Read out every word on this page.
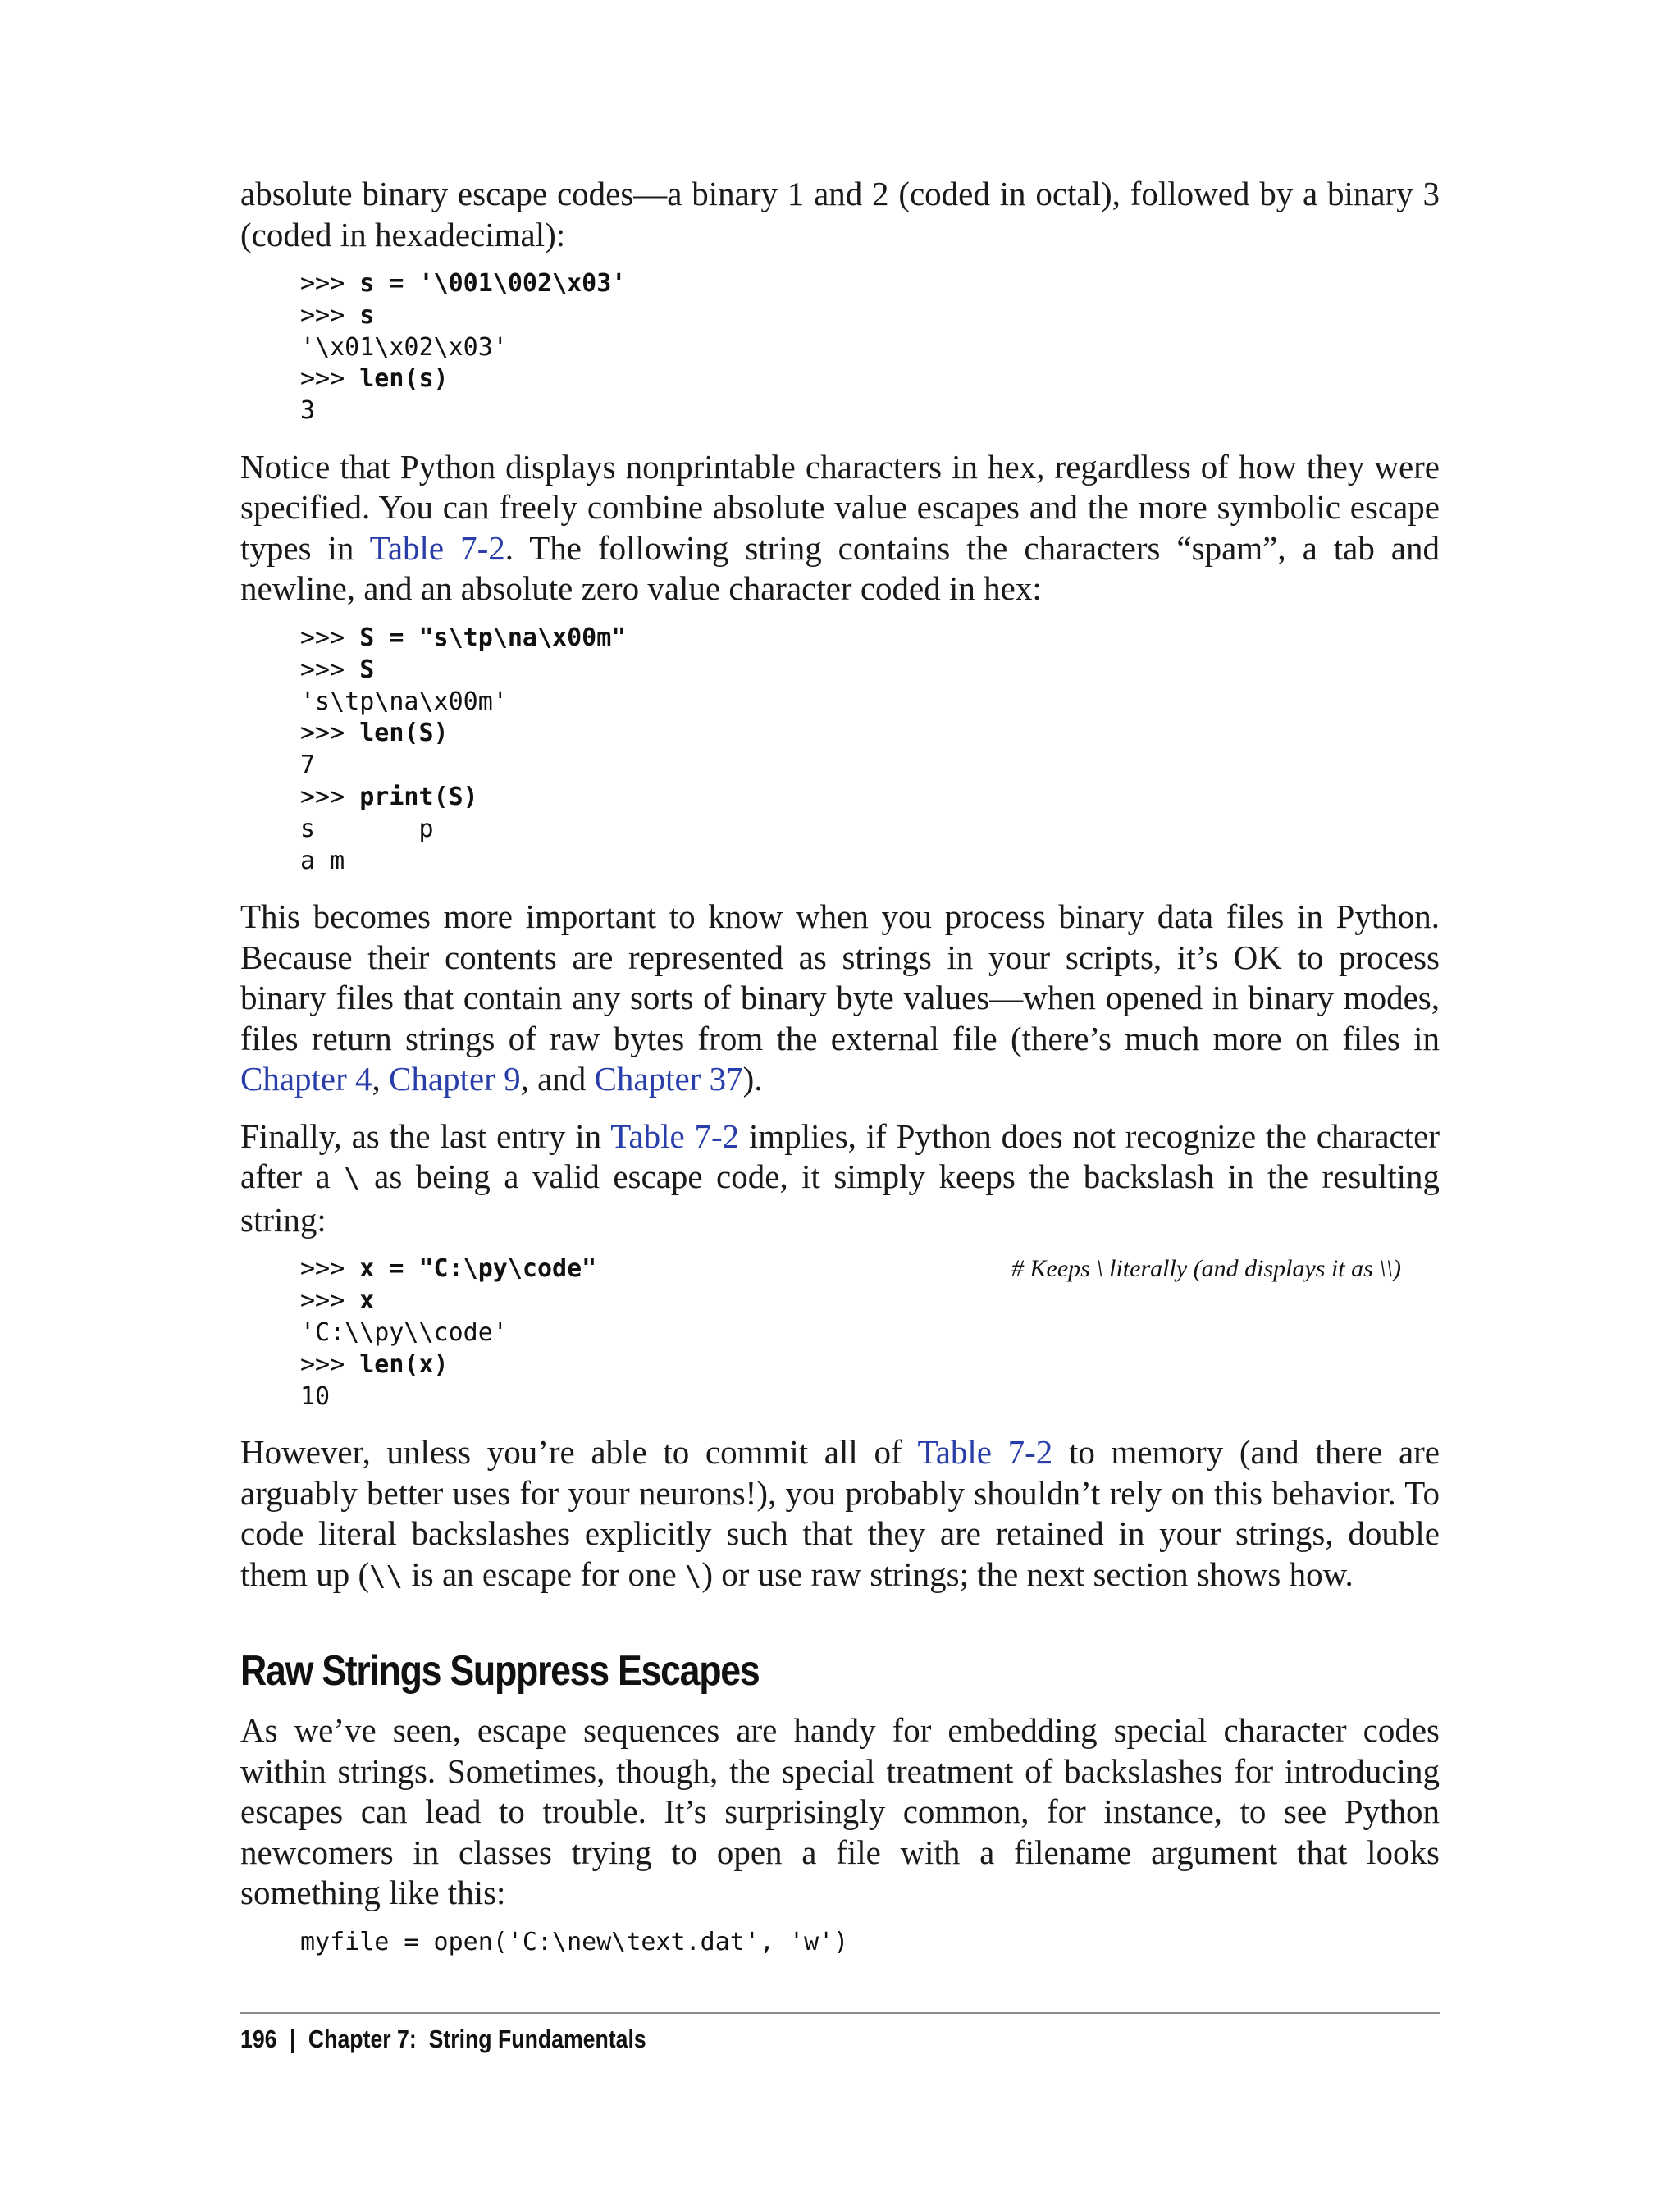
absolute binary escape codes—a binary 1 and 2 (coded in octal), followed by a binary 3 (coded in hexadecimal):

>>> s = '\001\002\x03'
>>> s
'\x01\x02\x03'
>>> len(s)
3

Notice that Python displays nonprintable characters in hex, regardless of how they were specified. You can freely combine absolute value escapes and the more symbolic escape types in Table 7-2. The following string contains the characters “spam”, a tab and newline, and an absolute zero value character coded in hex:

>>> S = "s\tp\na\x00m"
>>> S
's\tp\na\x00m'
>>> len(S)
7
>>> print(S)
s       p
a m

This becomes more important to know when you process binary data files in Python. Because their contents are represented as strings in your scripts, it’s OK to process binary files that contain any sorts of binary byte values—when opened in binary modes, files return strings of raw bytes from the external file (there’s much more on files in Chapter 4, Chapter 9, and Chapter 37).

Finally, as the last entry in Table 7-2 implies, if Python does not recognize the character after a \ as being a valid escape code, it simply keeps the backslash in the resulting string:

>>> x = "C:\py\code"	# Keeps \ literally (and displays it as \\)
>>> x
'C:\\py\\code'
>>> len(x)
10

However, unless you’re able to commit all of Table 7-2 to memory (and there are arguably better uses for your neurons!), you probably shouldn’t rely on this behavior. To code literal backslashes explicitly such that they are retained in your strings, double them up (\\ is an escape for one \) or use raw strings; the next section shows how.

Raw Strings Suppress Escapes

As we’ve seen, escape sequences are handy for embedding special character codes within strings. Sometimes, though, the special treatment of backslashes for introducing escapes can lead to trouble. It’s surprisingly common, for instance, to see Python newcomers in classes trying to open a file with a filename argument that looks something like this:

myfile = open('C:\new\text.dat', 'w')
196 | Chapter 7:  String Fundamentals
